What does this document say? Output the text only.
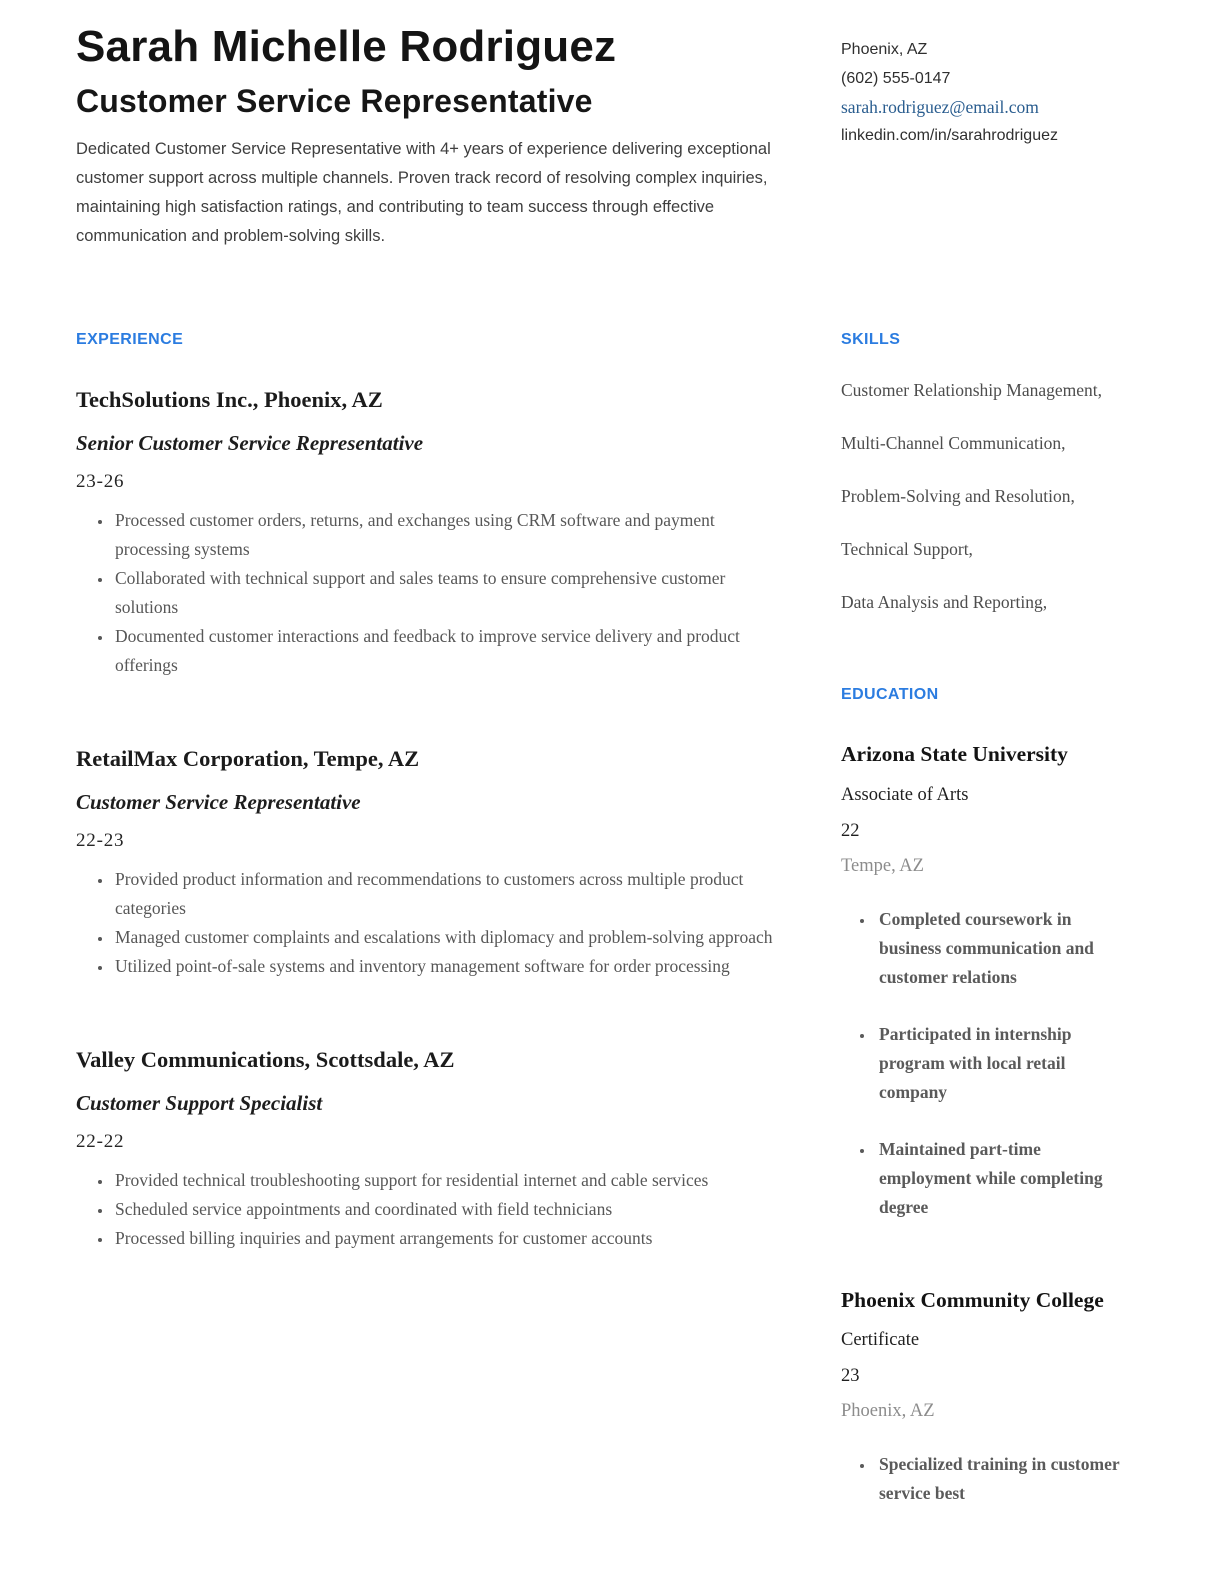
Sarah Michelle Rodriguez
Customer Service Representative

Dedicated Customer Service Representative with 4+ years of experience delivering exceptional customer support across multiple channels. Proven track record of resolving complex inquiries, maintaining high satisfaction ratings, and contributing to team success through effective communication and problem-solving skills.

Phoenix, AZ
(602) 555-0147
sarah.rodriguez@email.com
linkedin.com/in/sarahrodriguez
EXPERIENCE
TechSolutions Inc., Phoenix, AZ
Senior Customer Service Representative
23-26
• Processed customer orders, returns, and exchanges using CRM software and payment processing systems
• Collaborated with technical support and sales teams to ensure comprehensive customer solutions
• Documented customer interactions and feedback to improve service delivery and product offerings
RetailMax Corporation, Tempe, AZ
Customer Service Representative
22-23
• Provided product information and recommendations to customers across multiple product categories
• Managed customer complaints and escalations with diplomacy and problem-solving approach
• Utilized point-of-sale systems and inventory management software for order processing
Valley Communications, Scottsdale, AZ
Customer Support Specialist
22-22
• Provided technical troubleshooting support for residential internet and cable services
• Scheduled service appointments and coordinated with field technicians
• Processed billing inquiries and payment arrangements for customer accounts
SKILLS
Customer Relationship Management,
Multi-Channel Communication,
Problem-Solving and Resolution,
Technical Support,
Data Analysis and Reporting,
EDUCATION
Arizona State University
Associate of Arts
22
Tempe, AZ
• Completed coursework in business communication and customer relations
• Participated in internship program with local retail company
• Maintained part-time employment while completing degree
Phoenix Community College
Certificate
23
Phoenix, AZ
• Specialized training in customer service best
